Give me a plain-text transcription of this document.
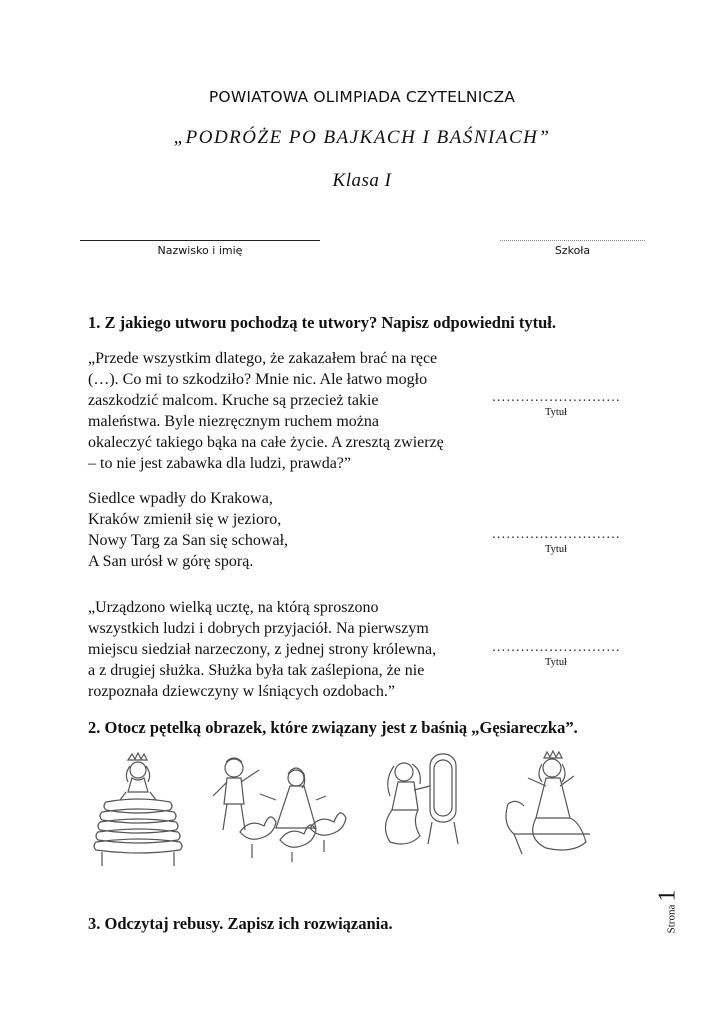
POWIATOWA OLIMPIADA CZYTELNICZA
„PODRÓŻE PO BAJKACH I BAŚNIACH”
Klasa I
Nazwisko i imię	Szkoła
1. Z jakiego utworu pochodzą te utwory? Napisz odpowiedni tytuł.
„Przede wszystkim dlatego, że zakazałem brać na ręce
(…). Co mi to szkodziło? Mnie nic. Ale łatwo mogło
zaszkodzić malcom. Kruche są przecież takie
maleństwa. Byle niezręcznym ruchem można
okaleczyć takiego bąka na całe życie. A zresztą zwierzę
– to nie jest zabawka dla ludzi, prawda?”
………………………
Tytuł
Siedlce wpadły do Krakowa,
Kraków zmienił się w jezioro,
Nowy Targ za San się schował,
A San urósł w górę sporą.
………………………
Tytuł
„Urządzono wielką ucztę, na którą sproszono
wszystkich ludzi i dobrych przyjaciół. Na pierwszym
miejscu siedział narzeczony, z jednej strony królewna,
a z drugiej służka. Służka była tak zaślepiona, że nie
rozpoznała dziewczyny w lśniących ozdobach.”
………………………
Tytuł
2. Otocz pętelką obrazek, które związany jest z baśnią „Gęsiareczka”.
3. Odczytaj rebusy. Zapisz ich rozwiązania.	Strona
1
